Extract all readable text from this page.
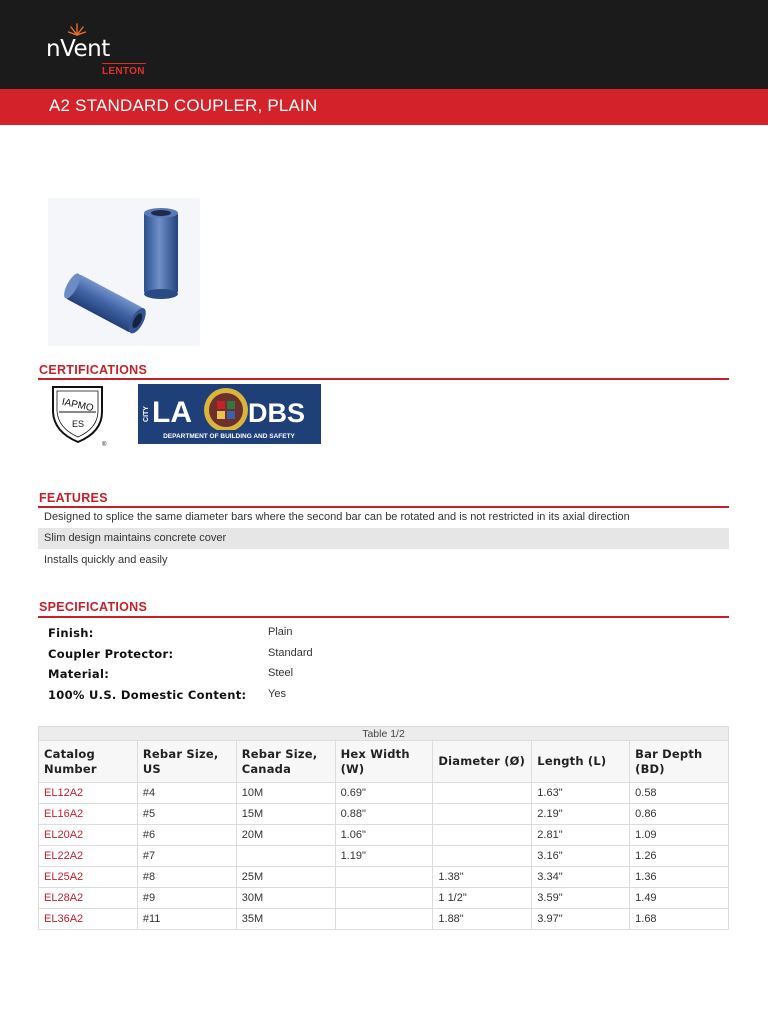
nVent
LENTON
A2 STANDARD COUPLER, PLAIN
CERTIFICATIONS
IAPMO
ES
®
CITY LA DBS
DEPARTMENT OF BUILDING AND SAFETY
FEATURES
Designed to splice the same diameter bars where the second bar can be rotated and is not restricted in its axial direction
Slim design maintains concrete cover
Installs quickly and easily
SPECIFICATIONS
Finish:	Plain
Coupler Protector:	Standard
Material:	Steel
100% U.S. Domestic Content: Yes
Table 1/2						
Catalog Number	Rebar Size, US	Rebar Size, Canada	Hex Width (W)	Diameter (Ø)	Length (L)	Bar Depth (BD)
EL12A2	#4	10M	0.69"		1.63"	0.58
EL16A2	#5	15M	0.88"		2.19"	0.86
EL20A2	#6	20M	1.06"		2.81"	1.09
EL22A2	#7		1.19"		3.16"	1.26
EL25A2	#8	25M		1.38"	3.34"	1.36
EL28A2	#9	30M		1 1/2"	3.59"	1.49
EL36A2	#11	35M		1.88"	3.97"	1.68
